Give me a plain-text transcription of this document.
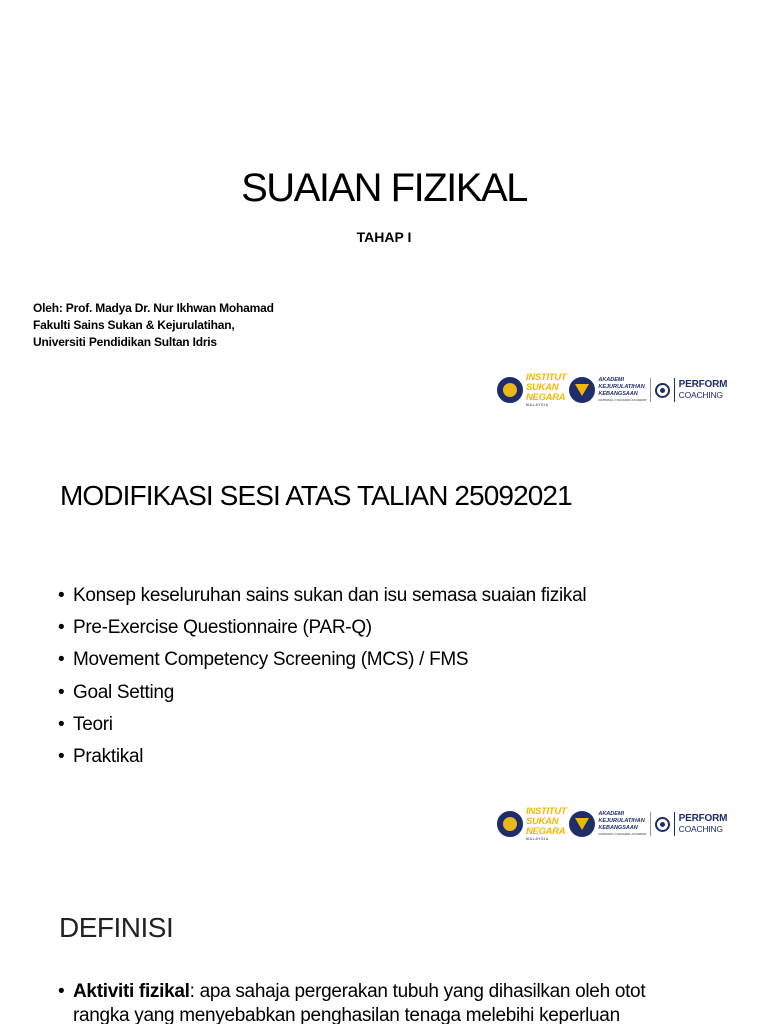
SUAIAN FIZIKAL
TAHAP I
Oleh: Prof. Madya Dr. Nur Ikhwan Mohamad
Fakulti Sains Sukan & Kejurulatihan,
Universiti Pendidikan Sultan Idris
INSTITUT
SUKAN
NEGARA
MALAYSIA
AKADEMI
KEJURULATIHAN
KEBANGSAAN
NATIONAL COACHING ACADEMY
PERFORM
COACHING
MODIFIKASI SESI ATAS TALIAN 25092021
• Konsep keseluruhan sains sukan dan isu semasa suaian fizikal
• Pre-Exercise Questionnaire (PAR-Q)
• Movement Competency Screening (MCS) / FMS
• Goal Setting
• Teori
• Praktikal
INSTITUT
SUKAN
NEGARA
MALAYSIA
AKADEMI
KEJURULATIHAN
KEBANGSAAN
NATIONAL COACHING ACADEMY
PERFORM
COACHING
DEFINISI
• Aktiviti fizikal: apa sahaja pergerakan tubuh yang dihasilkan oleh otot
rangka yang menyebabkan penghasilan tenaga melebihi keperluan
